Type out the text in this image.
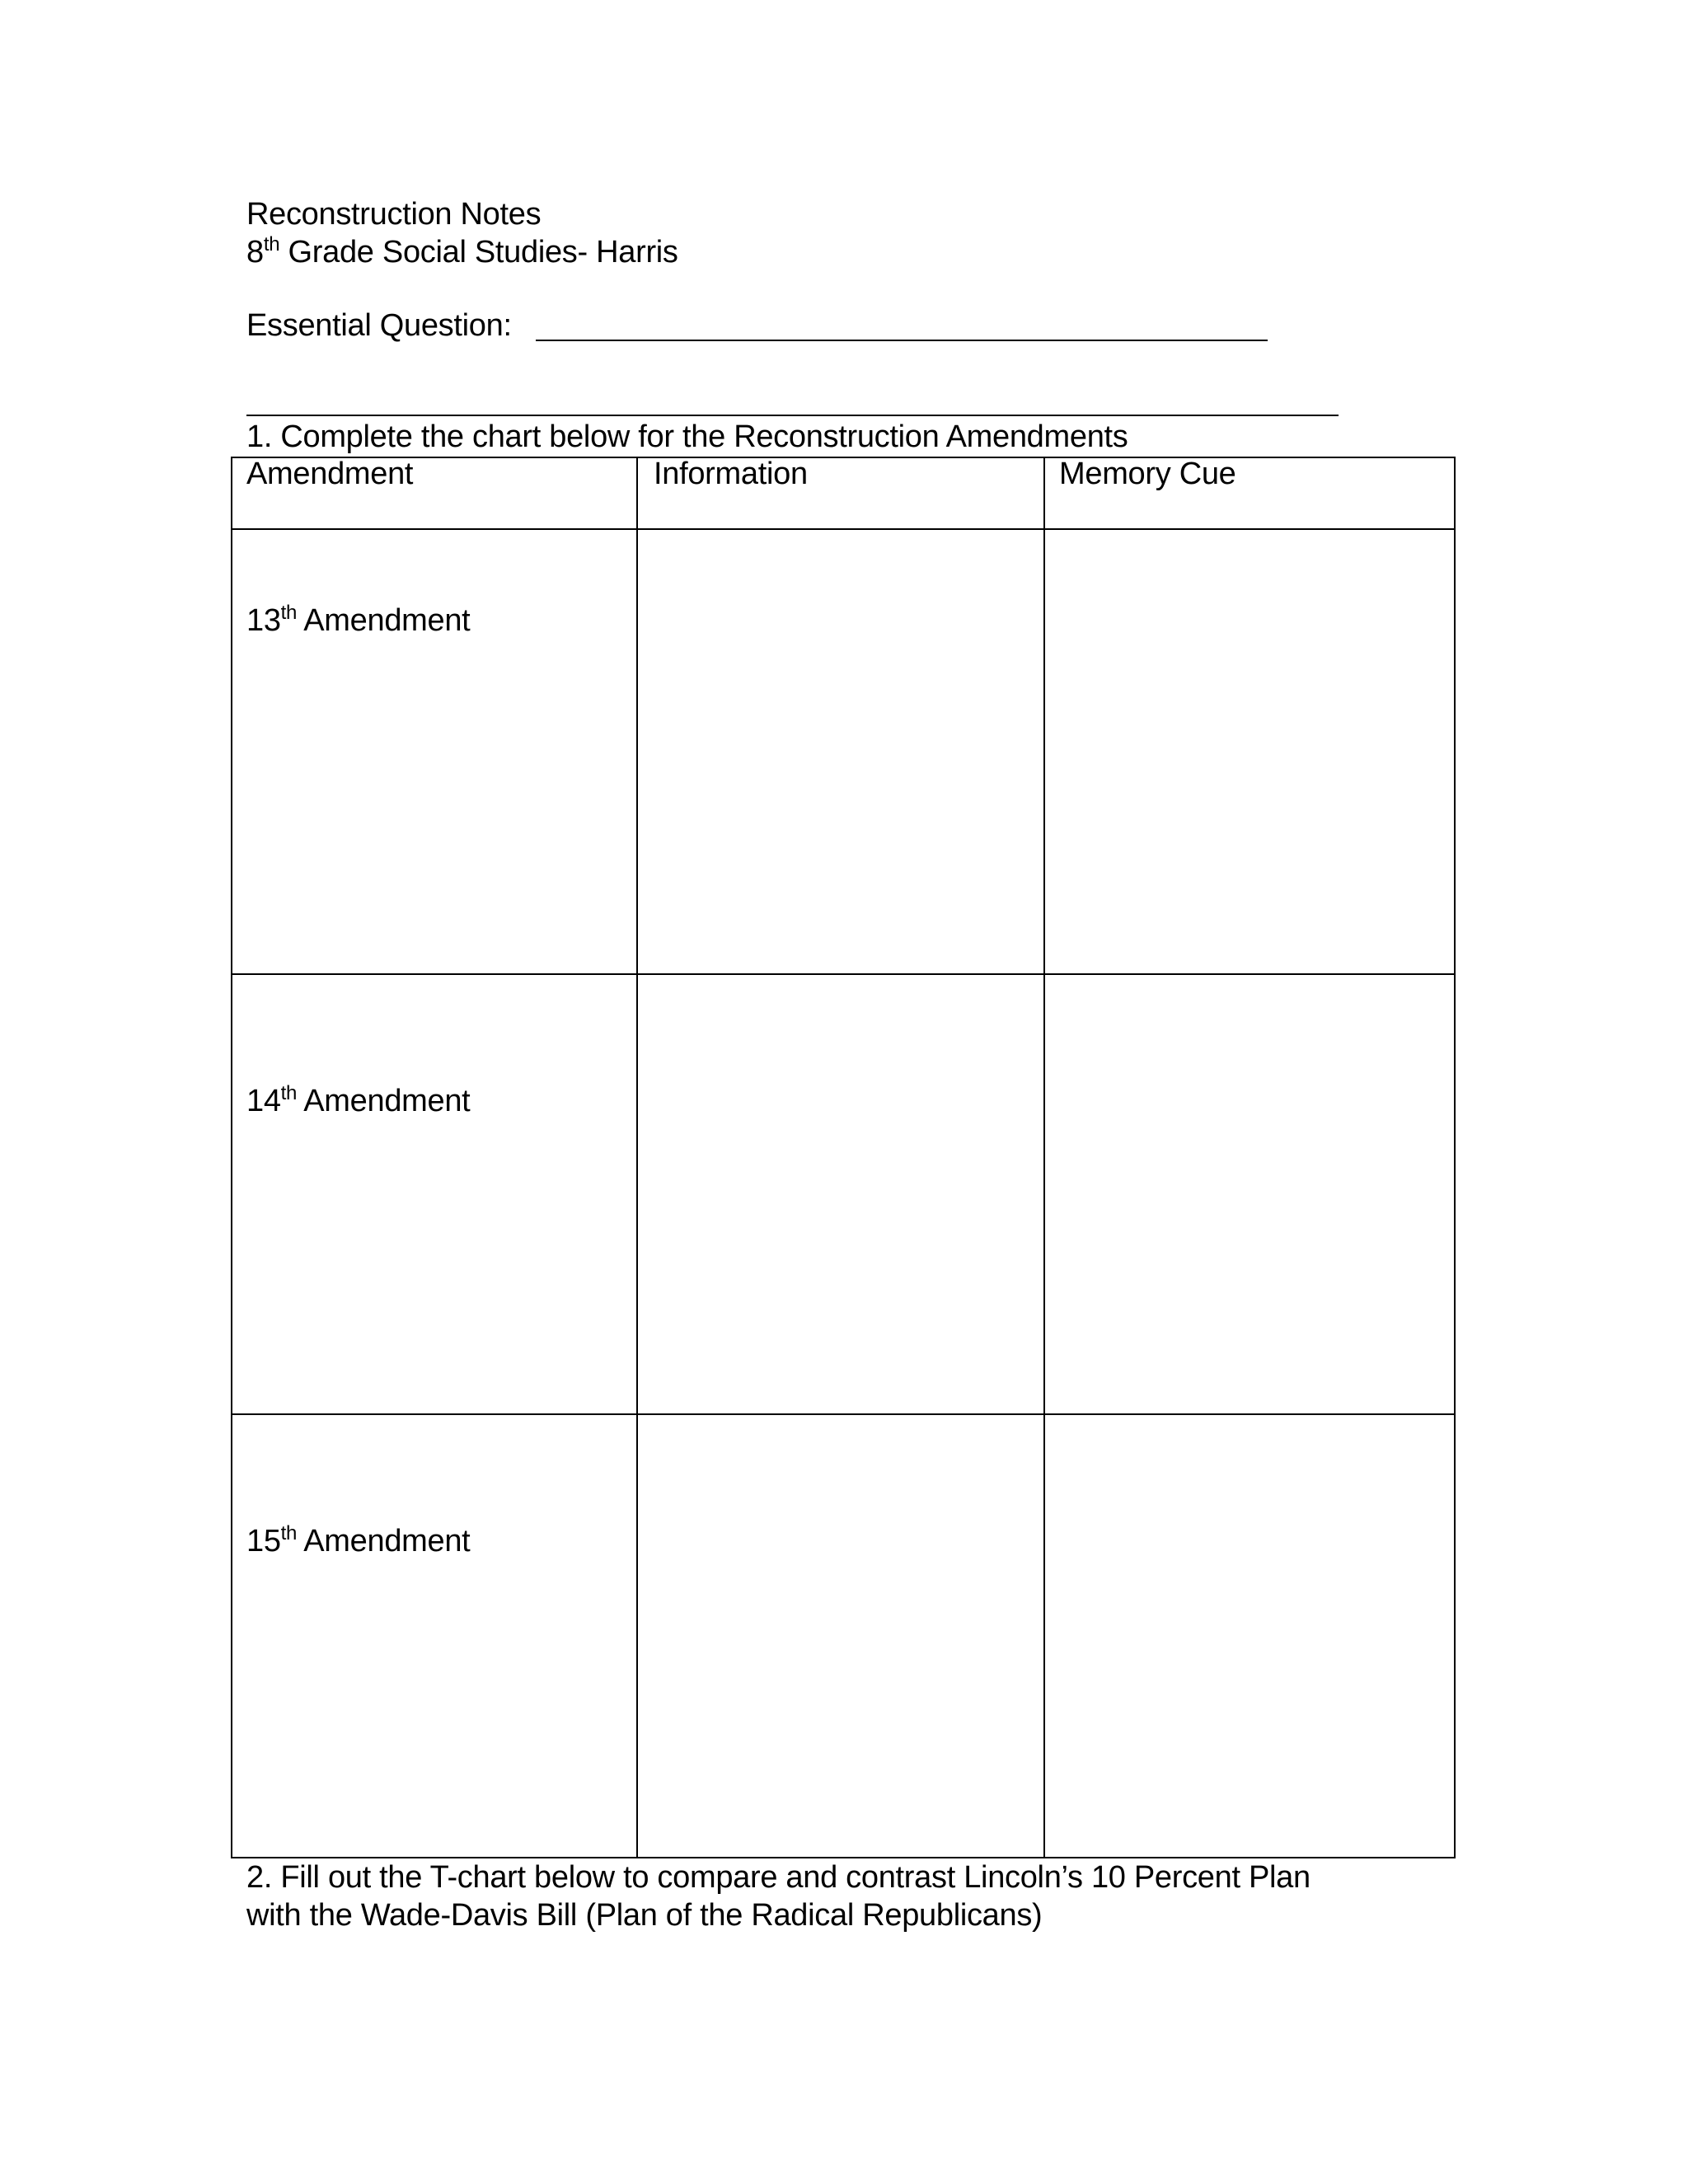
Reconstruction Notes
8th Grade Social Studies- Harris
Essential Question:
1. Complete the chart below for the Reconstruction Amendments
Amendment	Information	Memory Cue
13th Amendment
14th Amendment
15th Amendment
2. Fill out the T-chart below to compare and contrast Lincoln’s 10 Percent Plan
with the Wade-Davis Bill (Plan of the Radical Republicans)
